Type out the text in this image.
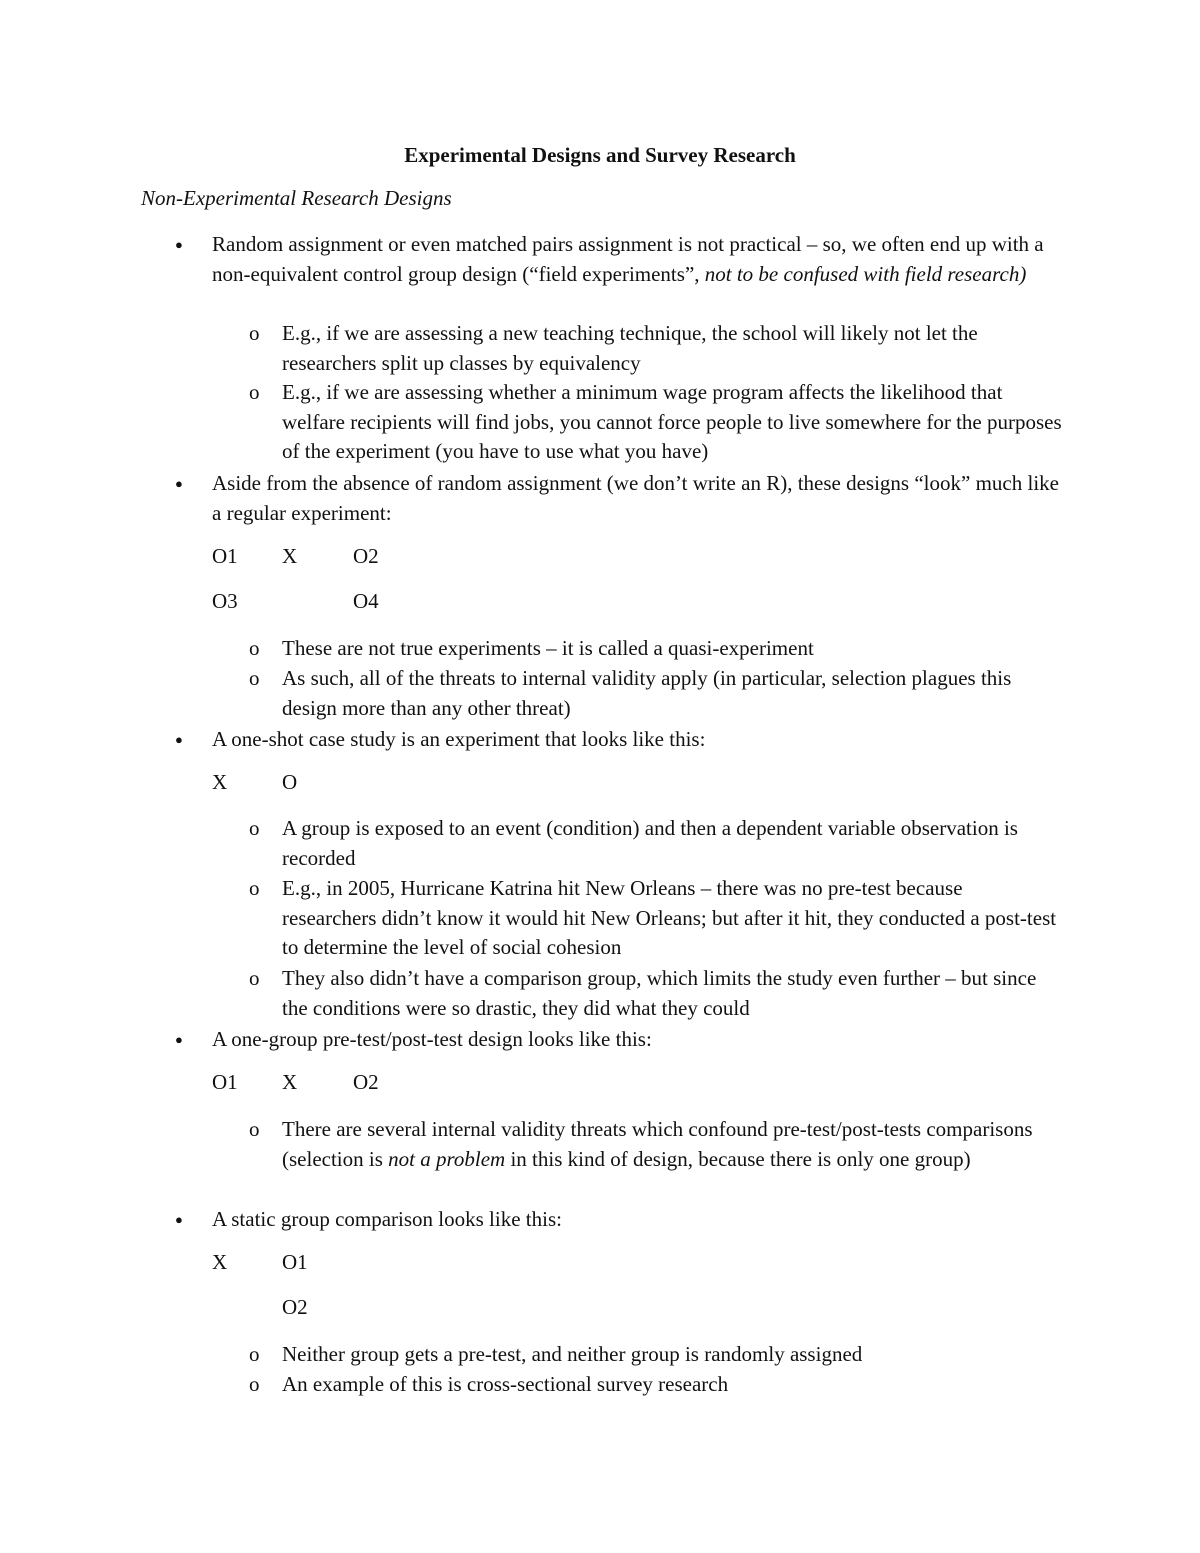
Experimental Designs and Survey Research

Non-Experimental Research Designs

● Random assignment or even matched pairs assignment is not practical – so, we often end up with a non-equivalent control group design (“field experiments”, not to be confused with field research)

o E.g., if we are assessing a new teaching technique, the school will likely not let the researchers split up classes by equivalency

o E.g., if we are assessing whether a minimum wage program affects the likelihood that welfare recipients will find jobs, you cannot force people to live somewhere for the purposes of the experiment (you have to use what you have)

● Aside from the absence of random assignment (we don’t write an R), these designs “look” much like a regular experiment:

O1 X	O2
O3	O4

o These are not true experiments – it is called a quasi-experiment

o As such, all of the threats to internal validity apply (in particular, selection plagues this design more than any other threat)

● A one-shot case study is an experiment that looks like this:

X	O

o A group is exposed to an event (condition) and then a dependent variable observation is recorded

o E.g., in 2005, Hurricane Katrina hit New Orleans – there was no pre-test because researchers didn’t know it would hit New Orleans; but after it hit, they conducted a post-test to determine the level of social cohesion

o They also didn’t have a comparison group, which limits the study even further – but since the conditions were so drastic, they did what they could

● A one-group pre-test/post-test design looks like this:

O1 X	O2

o There are several internal validity threats which confound pre-test/post-tests comparisons (selection is not a problem in this kind of design, because there is only one group)

● A static group comparison looks like this:

X	O1
O2

o Neither group gets a pre-test, and neither group is randomly assigned

o An example of this is cross-sectional survey research
